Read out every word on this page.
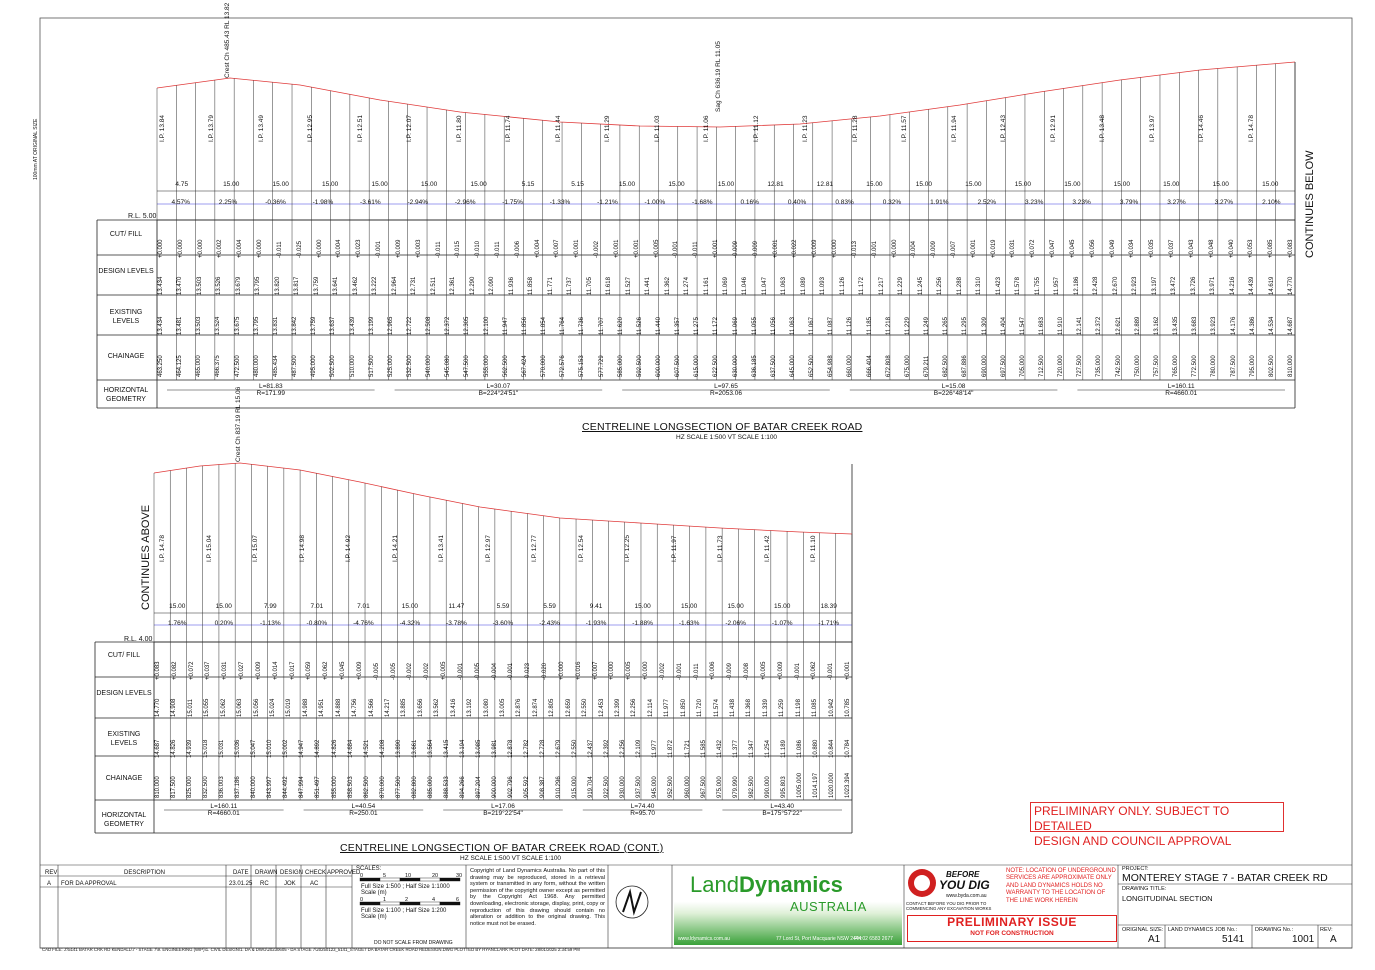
100mm AT ORIGINAL SIZE
R.L. 5.00
CUT/ FILL
DESIGN LEVELS
EXISTING LEVELS
CHAINAGE
HORIZONTAL GEOMETRY
CONTINUES BELOW
CENTRELINE LONGSECTION OF BATAR CREEK ROAD
HZ SCALE 1:500 VT SCALE 1:100
Crest Ch 485.43 RL 13.82	Sag Ch 636.19 RL 11.05
+0.000 +0.000 +0.000 +0.002 +0.004 +0.000 -0.011 -0.025 +0.000 +0.004 +0.023 -0.001 +0.009 +0.003 -0.011 -0.015 -0.010 -0.011 -0.006 +0.004 +0.007 +0.001 -0.002 +0.001 +0.001 +0.005 -0.001 -0.011 +0.001 -0.009 -0.009 +0.001 +0.022 +0.009 +0.000 -0.013 -0.001 +0.000 -0.004 -0.009 -0.007 +0.001 +0.019 +0.031 +0.072 +0.047 +0.045 +0.056 +0.049 +0.034 +0.035 +0.037 +0.043 +0.048 +0.040 +0.053 +0.085 +0.083
13.434 13.470 13.503 13.526 13.679 13.795 13.820 13.817 13.759 13.641 13.462 13.222 12.964 12.731 12.511 12.361 12.290 12.090 11.936 11.858 11.771 11.737 11.705 11.618 11.527 11.441 11.362 11.274 11.161 11.069 11.046 11.047 11.063 11.089 11.093 11.126 11.172 11.217 11.229 11.245 11.256 11.288 11.310 11.423 11.578 11.755 11.957 12.186 12.428 12.670 12.923 13.197 13.472 13.726 13.971 14.216 14.439 14.619 14.770
13.434 13.481 13.503 13.524 13.675 13.795 13.831 13.842 13.759 13.637 13.439 13.199 12.965 12.722 12.508 12.372 12.305 12.100 11.947 11.856 11.854 11.764 11.736 11.707 11.620 11.526 11.440 11.357 11.275 11.172 11.069 11.055 11.056 11.063 11.067 11.087 11.126 11.185 11.218 11.229 11.249 11.265 11.295 11.309 11.404 11.547 11.683 11.910 12.141 12.372 12.621 12.889 13.162 13.435 13.683 13.923 14.176 14.386 14.534 14.687
463.250 464.125 465.000 466.375 472.500 480.000 485.434 487.500 495.000 502.500 510.000 517.500 525.000 532.500 540.000 545.080 547.500 555.000 562.500 567.424 570.000 572.576 575.153 577.729 585.000 592.500 600.000 607.500 615.000 622.500 630.000 636.185 637.500 645.000 652.500 654.988 660.000 666.404 672.808 675.000 679.211 682.500 687.886 690.000 697.500 705.000 712.500 720.000 727.500 735.000 742.500 750.000 757.500 765.000 772.500 780.000 787.500 795.000 802.500 810.000
I.P. 13.84	I.P. 13.79	I.P. 13.49	I.P. 12.95	I.P. 12.51	I.P. 12.07	I.P. 11.80	I.P. 11.74	I.P. 11.44	I.P. 11.29	I.P. 11.03	I.P. 11.06	I.P. 11.12	I.P. 11.23	I.P. 11.28	I.P. 11.57	I.P. 11.94	I.P. 12.43	I.P. 12.91	I.P. 13.48	I.P. 13.97	I.P. 14.46	I.P. 14.78
4.75	15.00	15.00	15.00	15.00	15.00	15.00	5.15	5.15	15.00	15.00	15.00	12.81	12.81	15.00	15.00	15.00	15.00	15.00	15.00	15.00	15.00	15.00
4.57%	2.25%	-0.36%	-1.98%	-3.61%	-2.94%	-2.96%	-1.75%	-1.33%	-1.21%	-1.00%	-1.68%	0.16%	0.40%	0.83%	0.32%	1.91%	2.52%	3.23%	3.23%	3.79%	3.27%	3.27%	2.10%
L=81.83
R=171.99
L=30.07
B=224°24'51"
L=97.65
R=2053.06
L=15.08
B=226°48'14"
L=160.11
R=4660.01
R.L. 4.00
CUT/ FILL
DESIGN LEVELS
EXISTING LEVELS
CHAINAGE
HORIZONTAL GEOMETRY
CONTINUES ABOVE
CENTRELINE LONGSECTION OF BATAR CREEK ROAD (CONT.)
HZ SCALE 1:500 VT SCALE 1:100
Crest Ch 837.19 RL 15.06
+0.083 +0.082 +0.072 +0.037 +0.031 +0.027 +0.009 +0.014 +0.017 +0.059 +0.062 +0.045 +0.009 -0.005 -0.005 -0.002 -0.002 +0.005 -0.001 -0.005 -0.004 -0.001 -0.023 -0.020 +0.000 +0.016 +0.007 +0.000 +0.005 +0.000 -0.002 -0.001 -0.011 +0.006 -0.009 -0.008 +0.005 +0.009 -0.001 +0.062 -0.001 +0.001
14.770 14.908 15.011 15.055 15.062 15.063 15.056 15.024 15.019 14.988 14.951 14.888 14.756 14.566 14.217 13.885 13.656 13.562 13.416 13.192 13.080 13.005 12.876 12.874 12.805 12.659 12.550 12.453 12.399 12.256 12.114 11.977 11.850 11.720 11.574 11.438 11.368 11.339 11.259 11.198 11.085 10.942 10.785
14.687 14.826 14.939 15.018 15.031 15.036 15.047 15.010 15.002 14.947 14.892 14.826 14.684 14.521 14.208 13.890 13.661 13.564 13.415 13.194 13.085 13.981 12.878 12.782 12.728 12.679 12.550 12.437 12.392 12.256 12.109 11.977 11.872 11.721 11.585 11.432 11.377 11.347 11.254 11.189 11.086 10.880 10.844 10.784
810.000 817.500 825.000 832.500 836.003 837.186 840.000 843.997 844.492 847.994 851.497 855.000 858.503 862.500 870.000 877.500 882.800 885.000 888.533 894.266 897.204 900.000 902.796 905.592 908.387 910.296 915.000 919.704 922.500 930.000 937.500 945.000 952.500 960.000 967.500 975.000 979.990 982.500 990.000 995.803 1005.000 1014.197 1020.000 1023.394
I.P. 14.78	I.P. 15.04	I.P. 15.07	I.P. 14.98	I.P. 14.92	I.P. 14.21	I.P. 13.41	I.P. 12.97	I.P. 12.77	I.P. 12.54	I.P. 12.25	I.P. 11.97	I.P. 11.73	I.P. 11.42	I.P. 11.10
15.00	15.00	7.99	7.01	7.01	15.00	11.47	5.59	5.59	9.41	15.00	15.00	15.00	15.00	18.39
1.76%	0.20%	-1.13%	-0.80%	-4.76%	-4.32%	-3.78%	-3.60%	-2.43%	-1.93%	-1.88%	-1.63%	-2.06%	-1.07%	-1.71%
L=160.11
R=4660.01
L=40.54
R=250.01
L=17.06
B=219°22'54"
L=74.40
R=95.70
L=43.40
B=175°57'22"	PRELIMINARY ONLY. SUBJECT TO DETAILED
DESIGN AND COUNCIL APPROVAL
REV	DESCRIPTION	DATE DRAWN DESIGN CHECK APPROVED
A FOR DA APPROVAL	23.01.25 RC	JOK AC
SCALES:
0	5	10	20	30
Full Size 1:500 ; Half Size 1:1000
Scale (m)
0	1	2	4	6
Full Size 1:100 ; Half Size 1:200
Scale (m)
DO NOT SCALE FROM DRAWING
Copyright of Land Dynamics Australia. No part of this drawing may be reproduced, stored in a retrieval system or transmitted in any form, without the written permission of the copyright owner except as permitted by the Copyright Act 1968. Any permitted downloading, electronic storage, display, print, copy or reproduction of this drawing should contain no alteration or addition to the original drawing. This notice must not be erased.
LandDynamics
AUSTRALIA
www.ldynamics.com.au	77 Lord St, Port Macquarie NSW 2444
PH:02 6583 2677
BEFORE
YOU DIG
www.byda.com.au
CONTACT BEFORE YOU DIG PRIOR TO COMMENCING ANY EXCAVATION WORKS
NOTE: LOCATION OF UNDERGROUND SERVICES ARE APPROXIMATE ONLY AND LAND DYNAMICS HOLDS NO WARRANTY TO THE LOCATION OF THE LINE WORK HEREIN
PRELIMINARY ISSUE
NOT FOR CONSTRUCTION
PROJECT:
MONTEREY STAGE 7 - BATAR CREEK RD
DRAWING TITLE:
LONGITUDINAL SECTION
ORIGINAL SIZE:
A1
LAND DYNAMICS JOB No.:
5141
DRAWING No.:
1001
REV:
A
CAD FILE: J:\5141 BATAR CRK RD KENDALL\7 - STAGE 7\9. ENGINEERING (WIP)\1. CIVIL DESIGN\1. DA & DWG\20230605 - DA STAGE 7\20250123_5141_STAGE7 DA BATAR CREEK ROAD REDESIGN.DWG PLOTTED BY RYANCLARK PLOT DATE: 28/01/2025 2:34:59 PM
